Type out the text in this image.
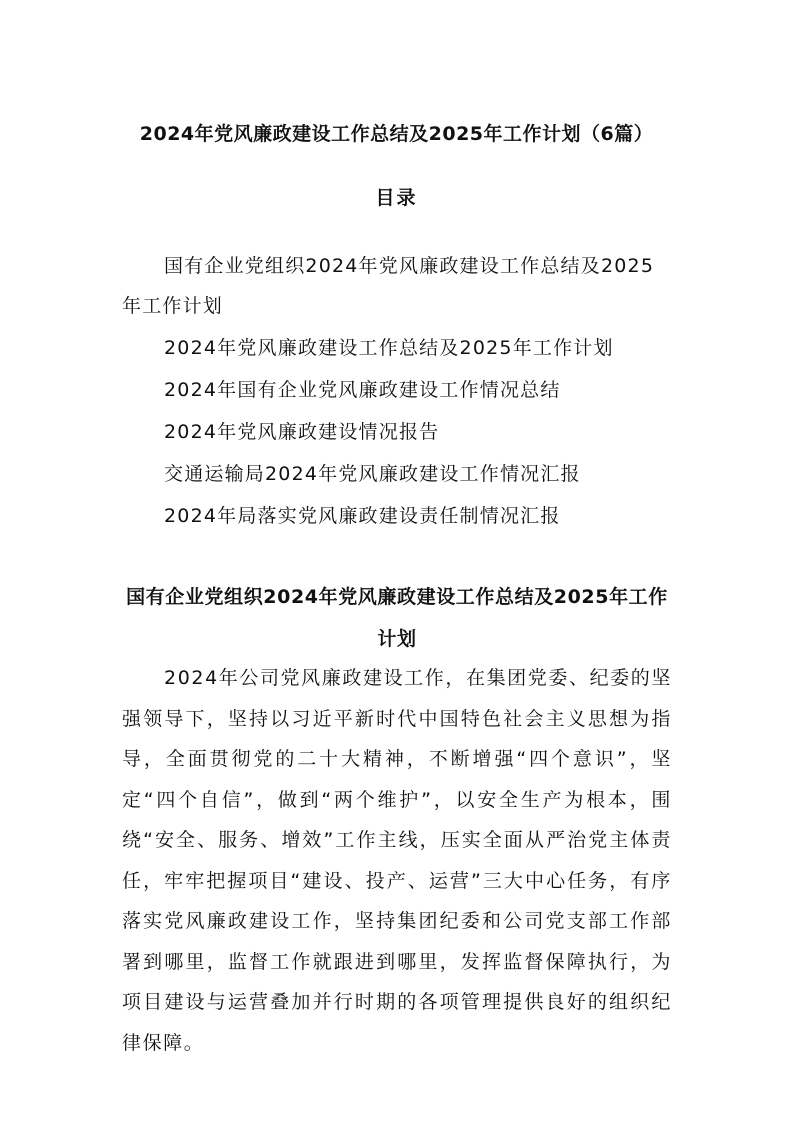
2024年党风廉政建设工作总结及2025年工作计划（6篇）
目录
国有企业党组织2024年党风廉政建设工作总结及2025年工作计划
2024年党风廉政建设工作总结及2025年工作计划
2024年国有企业党风廉政建设工作情况总结
2024年党风廉政建设情况报告
交通运输局2024年党风廉政建设工作情况汇报
2024年局落实党风廉政建设责任制情况汇报
国有企业党组织2024年党风廉政建设工作总结及2025年工作计划

2024年公司党风廉政建设工作，在集团党委、纪委的坚强领导下，坚持以习近平新时代中国特色社会主义思想为指导，全面贯彻党的二十大精神，不断增强“四个意识”，坚定“四个自信”，做到“两个维护”，以安全生产为根本，围绕“安全、服务、增效”工作主线，压实全面从严治党主体责任，牢牢把握项目“建设、投产、运营”三大中心任务，有序落实党风廉政建设工作，坚持集团纪委和公司党支部工作部署到哪里，监督工作就跟进到哪里，发挥监督保障执行，为项目建设与运营叠加并行时期的各项管理提供良好的组织纪律保障。
